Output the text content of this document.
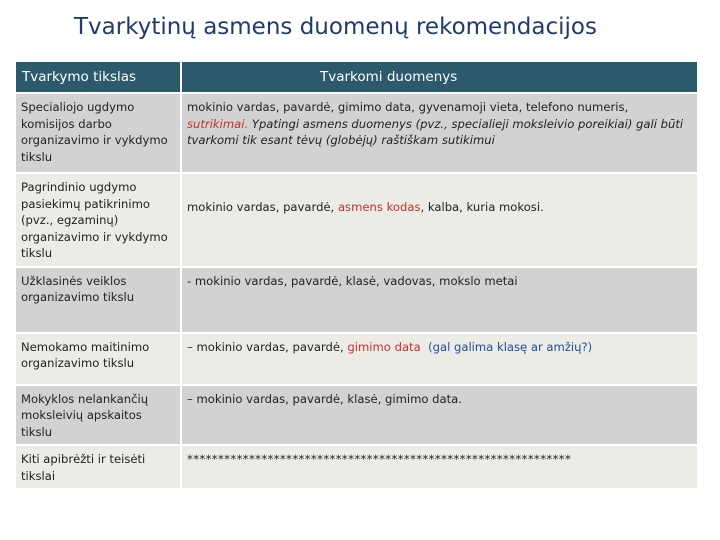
Tvarkytinų asmens duomenų rekomendacijos
Tvarkymo tikslas	Tvarkomi duomenys
Specialiojo ugdymo komisijos darbo organizavimo ir vykdymo tikslu	mokinio vardas, pavardė, gimimo data, gyvenamoji vieta, telefono numeris, sutrikimai. Ypatingi asmens duomenys (pvz., specialieji moksleivio poreikiai) gali būti tvarkomi tik esant tėvų (globėjų) raštiškam sutikimui
Pagrindinio ugdymo pasiekimų patikrinimo (pvz., egzaminų) organizavimo ir vykdymo tikslu	mokinio vardas, pavardė, asmens kodas, kalba, kuria mokosi.
Užklasinės veiklos organizavimo tikslu	- mokinio vardas, pavardė, klasė, vadovas, mokslo metai
Nemokamo maitinimo organizavimo tikslu	– mokinio vardas, pavardė, gimimo data (gal galima klasę ar amžių?)
Mokyklos nelankančių moksleivių apskaitos tikslu	– mokinio vardas, pavardė, klasė, gimimo data.
Kiti apibrėžti ir teisėti tikslai	**************************************************************
